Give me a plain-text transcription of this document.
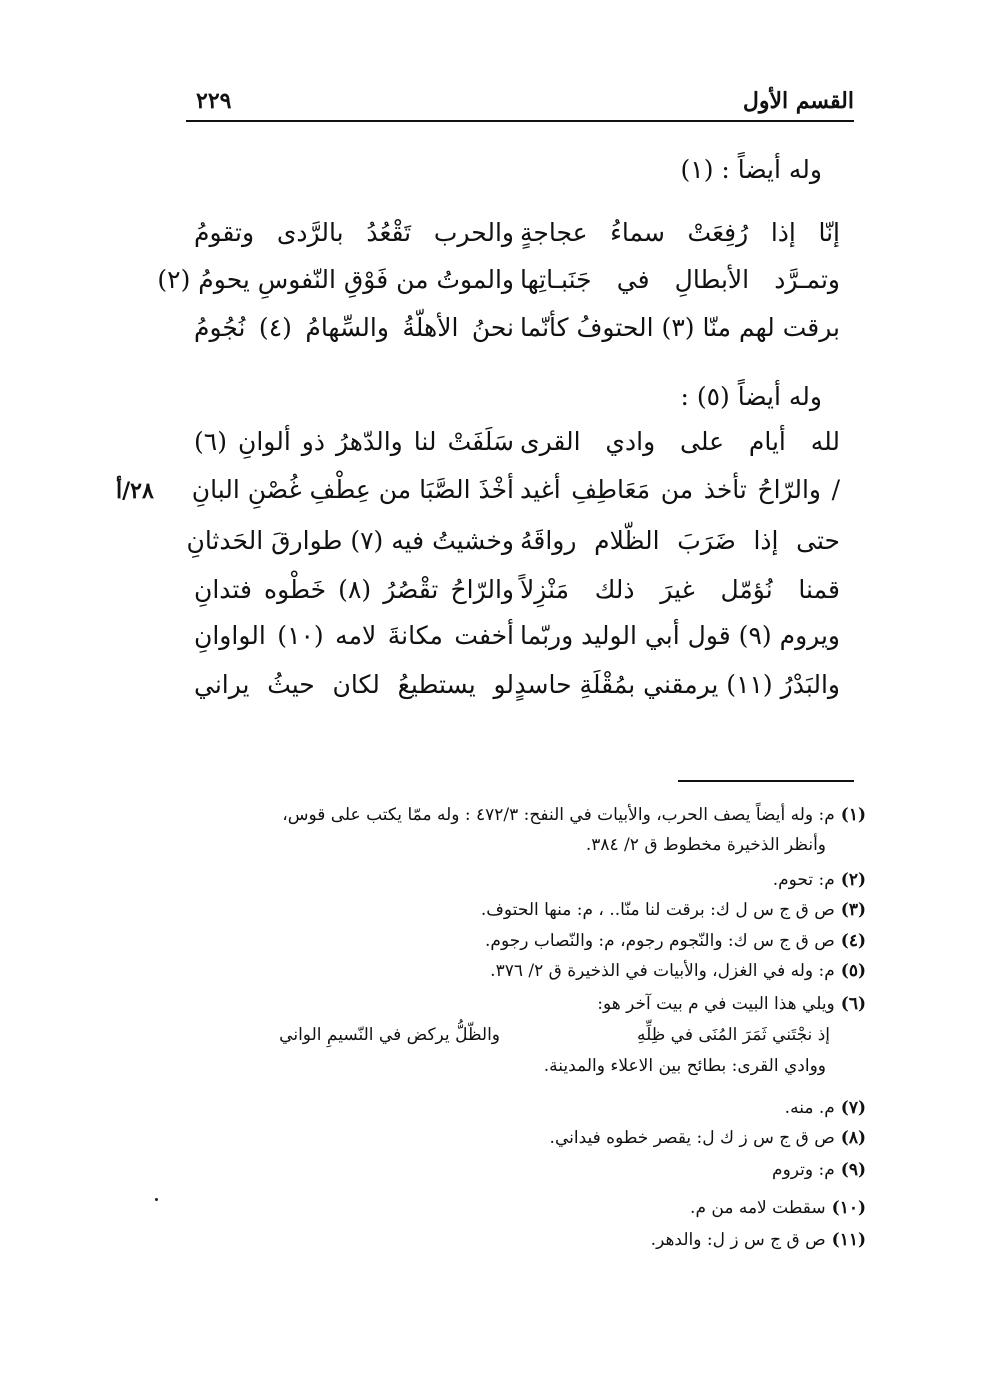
القسم الأول
٢٢٩
وله أيضاً : (١)
إنّا إذا رُفِعَتْ سماءُ عجاجةٍ
والحرب تَقْعُدُ بالرَّدى وتقومُ
وتمـرَّد الأبطالِ في جَنَبـاتِها
والموتُ من فَوْقِ النّفوسِ يحومُ (٢)
برقت لهم منّا (٣) الحتوفُ كأنّما
نحنُ الأهلّةُ والسِّهامُ (٤) نُجُومُ
وله أيضاً (٥) :
لله أيام على وادي القرى
سَلَفَتْ لنا والدّهرُ ذو ألوانِ (٦)
/ والرّاحُ تأخذ من مَعَاطِفِ أغيد
أخْذَ الصَّبَا من عِطْفِ غُصْنِ البانِ
حتى إذا ضَرَبَ الظّلام رواقَهُ
وخشيتُ فيه (٧) طوارقَ الحَدثانِ
قمنا نُؤمّل غيرَ ذلك مَنْزِلاً
والرّاحُ تقْصُرُ (٨) خَطْوه فتدانِ
ويروم (٩) قول أبي الوليد وربّما
أخفت مكانةَ لامه (١٠) الواوانِ
والبَدْرُ (١١) يرمقني بمُقْلَةِ حاسدٍ
لو يستطيعُ لكان حيثُ يراني
٢٨/أ
(١)م: وله أيضاً يصف الحرب، والأبيات في النفح: ٤٧٢/٣ : وله ممّا يكتب على قوس،
وأنظر الذخيرة مخطوط ق ٢/ ٣٨٤.
(٢)م: تحوم.
(٣)ص ق ج س ل ك: برقت لنا منّا.. ، م: منها الحتوف.
(٤)ص ق ج س ك: والنّجوم رجوم، م: والنّصاب رجوم.
(٥)م: وله في الغزل، والأبيات في الذخيرة ق ٢/ ٣٧٦.
(٦)ويلي هذا البيت في م بيت آخر هو:
إذ نجْتَني ثَمَرَ المُنَى في ظِلِّهِ
والظّلُّ يركض في النّسيمِ الواني
ووادي القرى: بطائح بين الاعلاء والمدينة.
(٧)م. منه.
(٨)ص ق ج س ز ك ل: يقصر خطوه فيداني.
(٩)م: وتروم
(١٠)سقطت لامه من م.
(١١)ص ق ج س ز ل: والدهر.
